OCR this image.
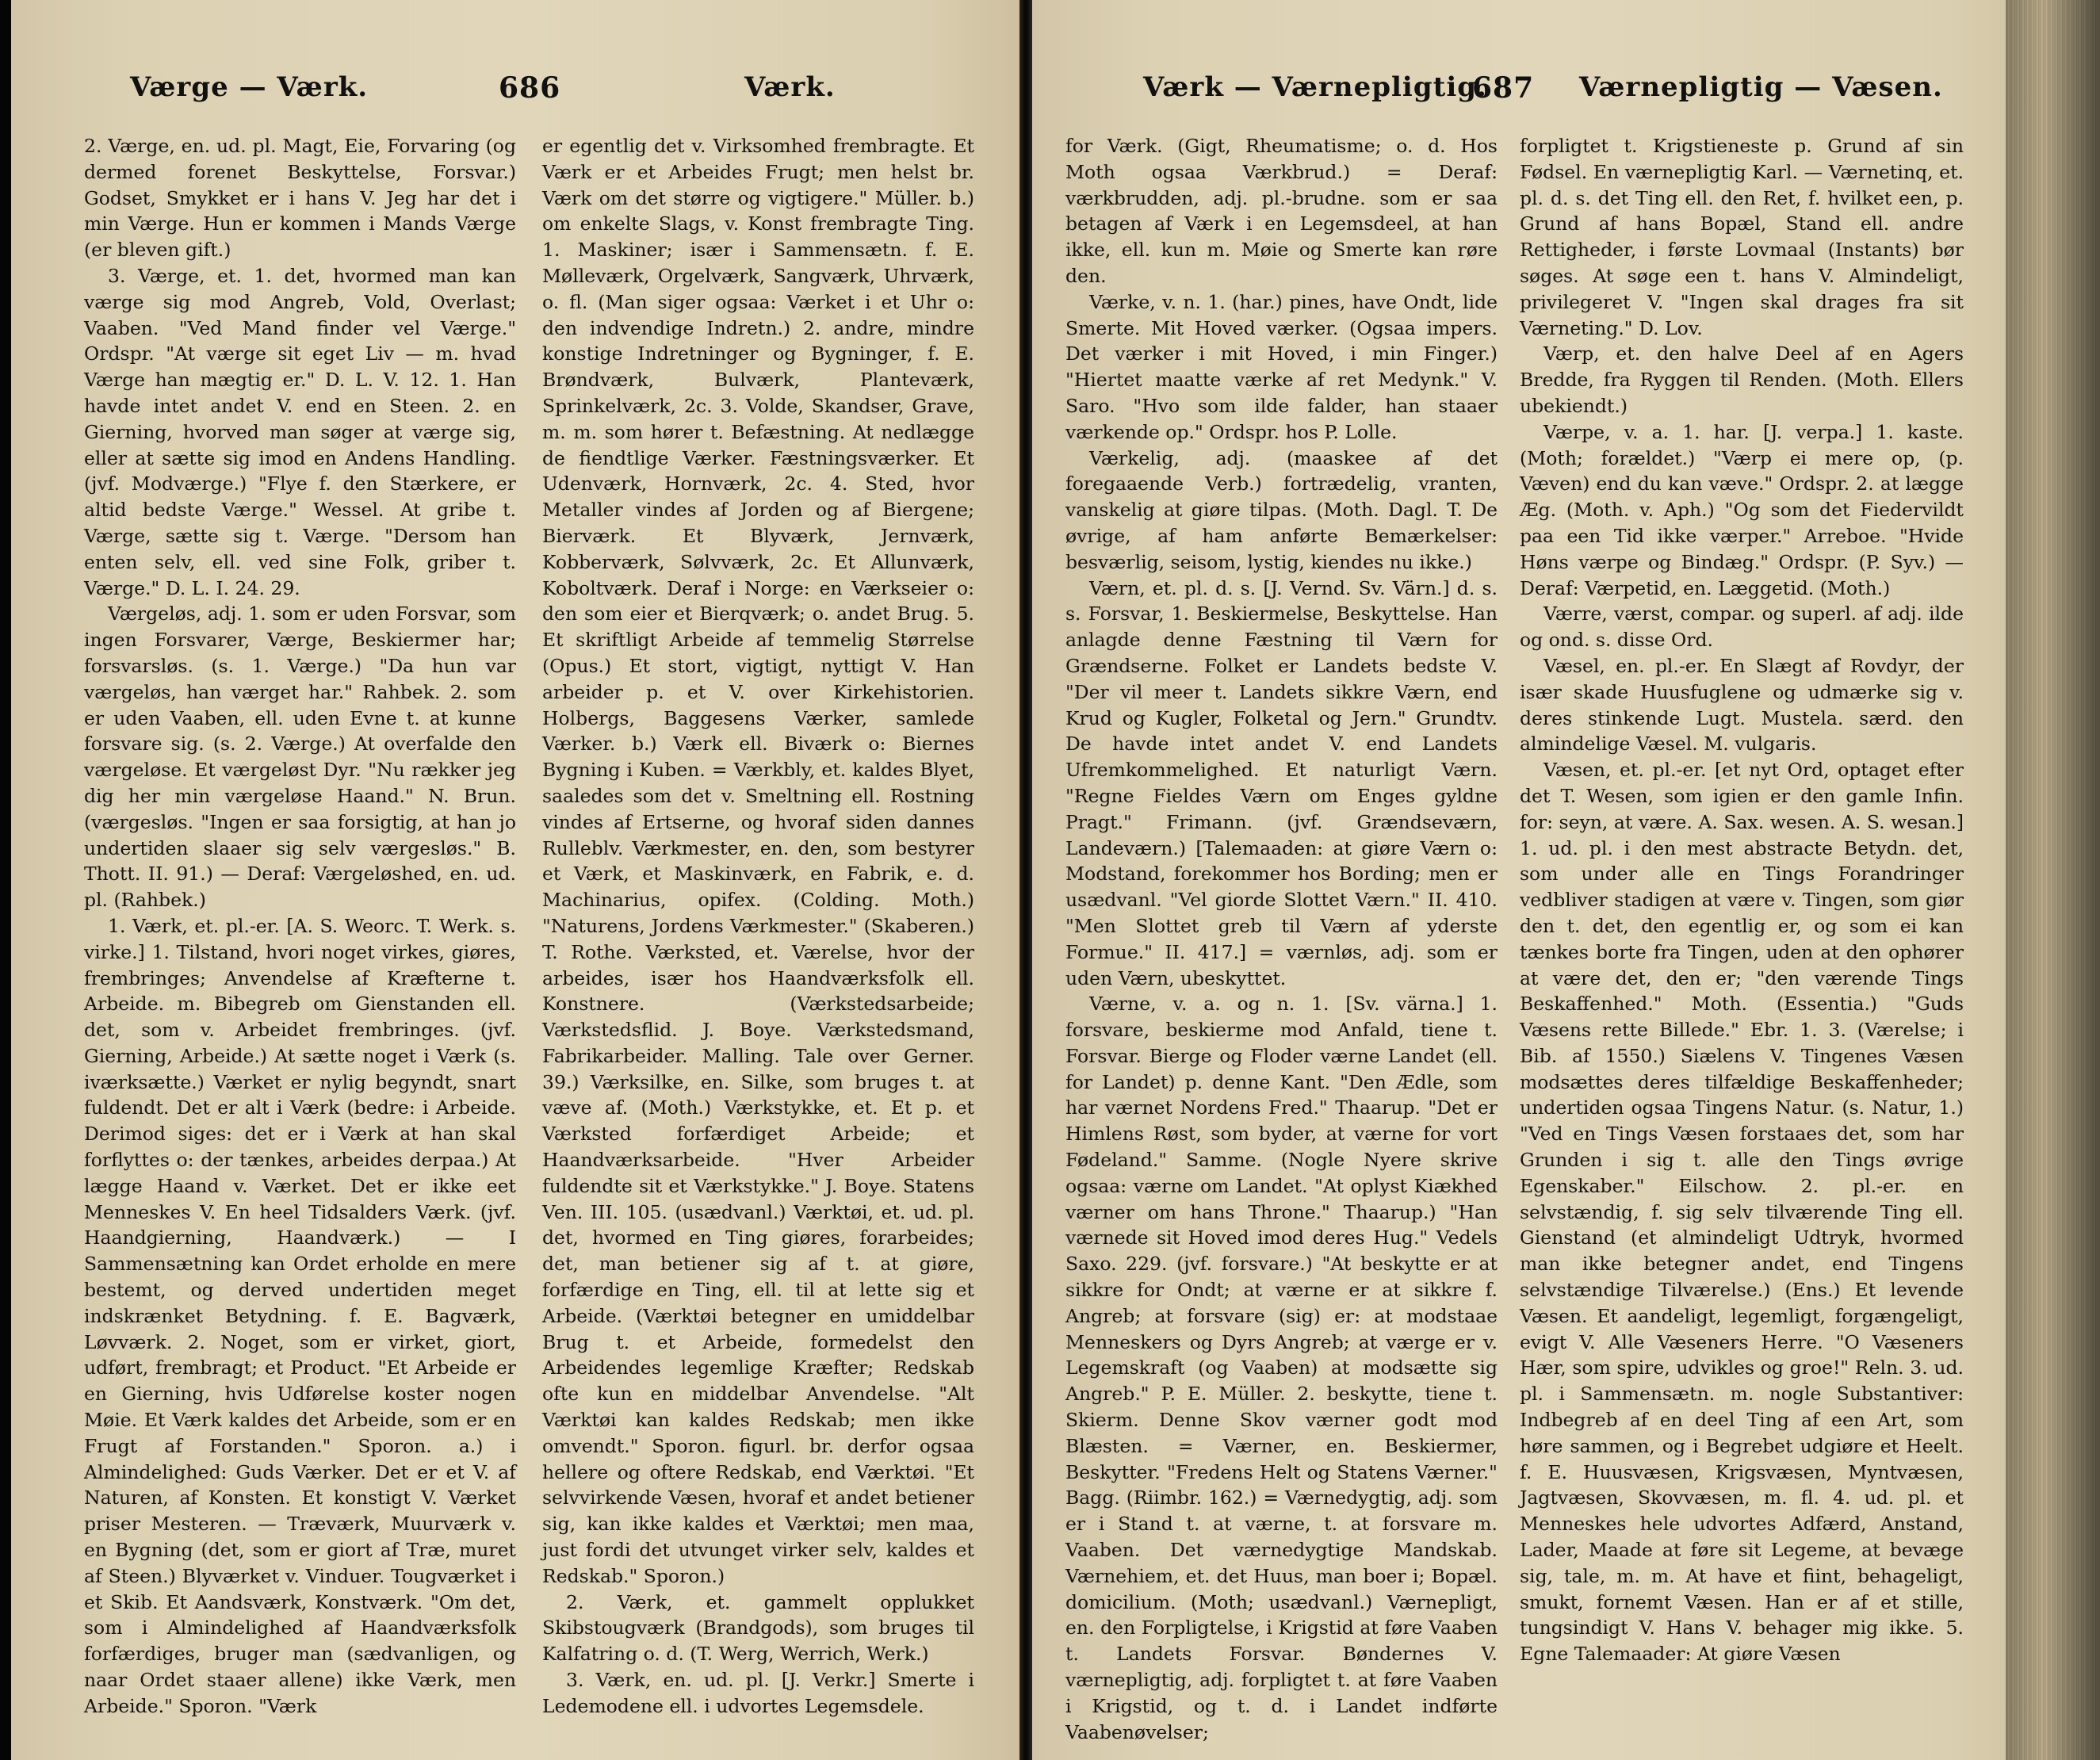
Værge — Værk.	686	Værk.

2. Værge, en. ud. pl. Magt, Eie, Forvaring (og dermed forenet Beskyttelse, Forsvar.) Godset, Smykket er i hans V. Jeg har det i min Værge. Hun er kommen i Mands Værge (er bleven gift.)

3. Værge, et. 1. det, hvormed man kan værge sig mod Angreb, Vold, Overlast; Vaaben. "Ved Mand finder vel Værge." Ordspr. "At værge sit eget Liv — m. hvad Værge han mægtig er." D. L. V. 12. 1. Han havde intet andet V. end en Steen. 2. en Gierning, hvorved man søger at værge sig, eller at sætte sig imod en Andens Handling. (jvf. Modværge.) "Flye f. den Stærkere, er altid bedste Værge." Wessel. At gribe t. Værge, sætte sig t. Værge. "Dersom han enten selv, ell. ved sine Folk, griber t. Værge." D. L. I. 24. 29.

Værgeløs, adj. 1. som er uden Forsvar, som ingen Forsvarer, Værge, Beskiermer har; forsvarsløs. (s. 1. Værge.) "Da hun var værgeløs, han værget har." Rahbek. 2. som er uden Vaaben, ell. uden Evne t. at kunne forsvare sig. (s. 2. Værge.) At overfalde den værgeløse. Et værgeløst Dyr. "Nu rækker jeg dig her min værgeløse Haand." N. Brun. (værgesløs. "Ingen er saa forsigtig, at han jo undertiden slaaer sig selv værgesløs." B. Thott. II. 91.) — Deraf: Værgeløshed, en. ud. pl. (Rahbek.)

1. Værk, et. pl.-er. [A. S. Weorc. T. Werk. s. virke.] 1. Tilstand, hvori noget virkes, giøres, frembringes; Anvendelse af Kræfterne t. Arbeide. m. Bibegreb om Gienstanden ell. det, som v. Arbeidet frembringes. (jvf. Gierning, Arbeide.) At sætte noget i Værk (s. iværksætte.) Værket er nylig begyndt, snart fuldendt. Det er alt i Værk (bedre: i Arbeide. Derimod siges: det er i Værk at han skal forflyttes o: der tænkes, arbeides derpaa.) At lægge Haand v. Værket. Det er ikke eet Menneskes V. En heel Tidsalders Værk. (jvf. Haandgierning, Haandværk.) — I Sammensætning kan Ordet erholde en mere bestemt, og derved undertiden meget indskrænket Betydning. f. E. Bagværk, Løvværk. 2. Noget, som er virket, giort, udført, frembragt; et Product. "Et Arbeide er en Gierning, hvis Udførelse koster nogen Møie. Et Værk kaldes det Arbeide, som er en Frugt af Forstanden." Sporon. a.) i Almindelighed: Guds Værker. Det er et V. af Naturen, af Konsten. Et konstigt V. Værket priser Mesteren. — Træværk, Muurværk v. en Bygning (det, som er giort af Træ, muret af Steen.) Blyværket v. Vinduer. Tougværket i et Skib. Et Aandsværk, Konstværk. "Om det, som i Almindelighed af Haandværksfolk forfærdiges, bruger man (sædvanligen, og naar Ordet staaer allene) ikke Værk, men Arbeide." Sporon. "Værk

er egentlig det v. Virksomhed frembragte. Et Værk er et Arbeides Frugt; men helst br. Værk om det større og vigtigere." Müller. b.) om enkelte Slags, v. Konst frembragte Ting. 1. Maskiner; især i Sammensætn. f. E. Mølleværk, Orgelværk, Sangværk, Uhrværk, o. fl. (Man siger ogsaa: Værket i et Uhr o: den indvendige Indretn.) 2. andre, mindre konstige Indretninger og Bygninger, f. E. Brøndværk, Bulværk, Planteværk, Sprinkelværk, 2c. 3. Volde, Skandser, Grave, m. m. som hører t. Befæstning. At nedlægge de fiendtlige Værker. Fæstningsværker. Et Udenværk, Hornværk, 2c. 4. Sted, hvor Metaller vindes af Jorden og af Biergene; Bierværk. Et Blyværk, Jernværk, Kobberværk, Sølvværk, 2c. Et Allunværk, Koboltværk. Deraf i Norge: en Værkseier o: den som eier et Bierqværk; o. andet Brug. 5. Et skriftligt Arbeide af temmelig Størrelse (Opus.) Et stort, vigtigt, nyttigt V. Han arbeider p. et V. over Kirkehistorien. Holbergs, Baggesens Værker, samlede Værker. b.) Værk ell. Biværk o: Biernes Bygning i Kuben. = Værkbly, et. kaldes Blyet, saaledes som det v. Smeltning ell. Rostning vindes af Ertserne, og hvoraf siden dannes Rulleblv. Værkmester, en. den, som bestyrer et Værk, et Maskinværk, en Fabrik, e. d. Machinarius, opifex. (Colding. Moth.) "Naturens, Jordens Værkmester." (Skaberen.) T. Rothe. Værksted, et. Værelse, hvor der arbeides, især hos Haandværksfolk ell. Konstnere. (Værkstedsarbeide; Værkstedsflid. J. Boye. Værkstedsmand, Fabrikarbeider. Malling. Tale over Gerner. 39.) Værksilke, en. Silke, som bruges t. at væve af. (Moth.) Værkstykke, et. Et p. et Værksted forfærdiget Arbeide; et Haandværksarbeide. "Hver Arbeider fuldendte sit et Værkstykke." J. Boye. Statens Ven. III. 105. (usædvanl.) Værktøi, et. ud. pl. det, hvormed en Ting giøres, forarbeides; det, man betiener sig af t. at giøre, forfærdige en Ting, ell. til at lette sig et Arbeide. (Værktøi betegner en umiddelbar Brug t. et Arbeide, formedelst den Arbeidendes legemlige Kræfter; Redskab ofte kun en middelbar Anvendelse. "Alt Værktøi kan kaldes Redskab; men ikke omvendt." Sporon. figurl. br. derfor ogsaa hellere og oftere Redskab, end Værktøi. "Et selvvirkende Væsen, hvoraf et andet betiener sig, kan ikke kaldes et Værktøi; men maa, just fordi det utvunget virker selv, kaldes et Redskab." Sporon.)

2. Værk, et. gammelt opplukket Skibstougværk (Brandgods), som bruges til Kalfatring o. d. (T. Werg, Werrich, Werk.)

3. Værk, en. ud. pl. [J. Verkr.] Smerte i Ledemodene ell. i udvortes Legemsdele.

Værk — Værnepligtig.
687 Værnepligtig — Væsen.

for Værk. (Gigt, Rheumatisme; o. d. Hos Moth ogsaa Værkbrud.) = Deraf: værkbrudden, adj. pl.-brudne. som er saa betagen af Værk i en Legemsdeel, at han ikke, ell. kun m. Møie og Smerte kan røre den.

Værke, v. n. 1. (har.) pines, have Ondt, lide Smerte. Mit Hoved værker. (Ogsaa impers. Det værker i mit Hoved, i min Finger.) "Hiertet maatte værke af ret Medynk." V. Saro. "Hvo som ilde falder, han staaer værkende op." Ordspr. hos P. Lolle.

Værkelig, adj. (maaskee af det foregaaende Verb.) fortrædelig, vranten, vanskelig at giøre tilpas. (Moth. Dagl. T. De øvrige, af ham anførte Bemærkelser: besværlig, seisom, lystig, kiendes nu ikke.)

Værn, et. pl. d. s. [J. Vernd. Sv. Värn.] d. s. s. Forsvar, 1. Beskiermelse, Beskyttelse. Han anlagde denne Fæstning til Værn for Grændserne. Folket er Landets bedste V. "Der vil meer t. Landets sikkre Værn, end Krud og Kugler, Folketal og Jern." Grundtv. De havde intet andet V. end Landets Ufremkommelighed. Et naturligt Værn. "Regne Fieldes Værn om Enges gyldne Pragt." Frimann. (jvf. Grændseværn, Landeværn.) [Talemaaden: at giøre Værn o: Modstand, forekommer hos Bording; men er usædvanl. "Vel giorde Slottet Værn." II. 410. "Men Slottet greb til Værn af yderste Formue." II. 417.] = værnløs, adj. som er uden Værn, ubeskyttet.

Værne, v. a. og n. 1. [Sv. värna.] 1. forsvare, beskierme mod Anfald, tiene t. Forsvar. Bierge og Floder værne Landet (ell. for Landet) p. denne Kant. "Den Ædle, som har værnet Nordens Fred." Thaarup. "Det er Himlens Røst, som byder, at værne for vort Fødeland." Samme. (Nogle Nyere skrive ogsaa: værne om Landet. "At oplyst Kiækhed værner om hans Throne." Thaarup.) "Han værnede sit Hoved imod deres Hug." Vedels Saxo. 229. (jvf. forsvare.) "At beskytte er at sikkre for Ondt; at værne er at sikkre f. Angreb; at forsvare (sig) er: at modstaae Menneskers og Dyrs Angreb; at værge er v. Legemskraft (og Vaaben) at modsætte sig Angreb." P. E. Müller. 2. beskytte, tiene t. Skierm. Denne Skov værner godt mod Blæsten. = Værner, en. Beskiermer, Beskytter. "Fredens Helt og Statens Værner." Bagg. (Riimbr. 162.) = Værnedygtig, adj. som er i Stand t. at værne, t. at forsvare m. Vaaben. Det værnedygtige Mandskab. Værnehiem, et. det Huus, man boer i; Bopæl. domicilium. (Moth; usædvanl.) Værnepligt, en. den Forpligtelse, i Krigstid at føre Vaaben t. Landets Forsvar. Bøndernes V. værnepligtig, adj. forpligtet t. at føre Vaaben i Krigstid, og t. d. i Landet indførte Vaabenøvelser;

forpligtet t. Krigstieneste p. Grund af sin Fødsel. En værnepligtig Karl. — Værnetinq, et. pl. d. s. det Ting ell. den Ret, f. hvilket een, p. Grund af hans Bopæl, Stand ell. andre Rettigheder, i første Lovmaal (Instants) bør søges. At søge een t. hans V. Almindeligt, privilegeret V. "Ingen skal drages fra sit Værneting." D. Lov.

Værp, et. den halve Deel af en Agers Bredde, fra Ryggen til Renden. (Moth. Ellers ubekiendt.)

Værpe, v. a. 1. har. [J. verpa.] 1. kaste. (Moth; forældet.) "Værp ei mere op, (p. Væven) end du kan væve." Ordspr. 2. at lægge Æg. (Moth. v. Aph.) "Og som det Fiedervildt paa een Tid ikke værper." Arreboe. "Hvide Høns værpe og Bindæg." Ordspr. (P. Syv.) — Deraf: Værpetid, en. Læggetid. (Moth.)

Værre, værst, compar. og superl. af adj. ilde og ond. s. disse Ord.

Væsel, en. pl.-er. En Slægt af Rovdyr, der især skade Huusfuglene og udmærke sig v. deres stinkende Lugt. Mustela. særd. den almindelige Væsel. M. vulgaris.

Væsen, et. pl.-er. [et nyt Ord, optaget efter det T. Wesen, som igien er den gamle Infin. for: seyn, at være. A. Sax. wesen. A. S. wesan.] 1. ud. pl. i den mest abstracte Betydn. det, som under alle en Tings Forandringer vedbliver stadigen at være v. Tingen, som giør den t. det, den egentlig er, og som ei kan tænkes borte fra Tingen, uden at den ophører at være det, den er; "den værende Tings Beskaffenhed." Moth. (Essentia.) "Guds Væsens rette Billede." Ebr. 1. 3. (Værelse; i Bib. af 1550.) Siælens V. Tingenes Væsen modsættes deres tilfældige Beskaffenheder; undertiden ogsaa Tingens Natur. (s. Natur, 1.) "Ved en Tings Væsen forstaaes det, som har Grunden i sig t. alle den Tings øvrige Egenskaber." Eilschow. 2. pl.-er. en selvstændig, f. sig selv tilværende Ting ell. Gienstand (et almindeligt Udtryk, hvormed man ikke betegner andet, end Tingens selvstændige Tilværelse.) (Ens.) Et levende Væsen. Et aandeligt, legemligt, forgængeligt, evigt V. Alle Væseners Herre. "O Væseners Hær, som spire, udvikles og groe!" Reln. 3. ud. pl. i Sammensætn. m. nogle Substantiver: Indbegreb af en deel Ting af een Art, som høre sammen, og i Begrebet udgiøre et Heelt. f. E. Huusvæsen, Krigsvæsen, Myntvæsen, Jagtvæsen, Skovvæsen, m. fl. 4. ud. pl. et Menneskes hele udvortes Adfærd, Anstand, Lader, Maade at føre sit Legeme, at bevæge sig, tale, m. m. At have et fiint, behageligt, smukt, fornemt Væsen. Han er af et stille, tungsindigt V. Hans V. behager mig ikke. 5. Egne Talemaader: At giøre Væsen
